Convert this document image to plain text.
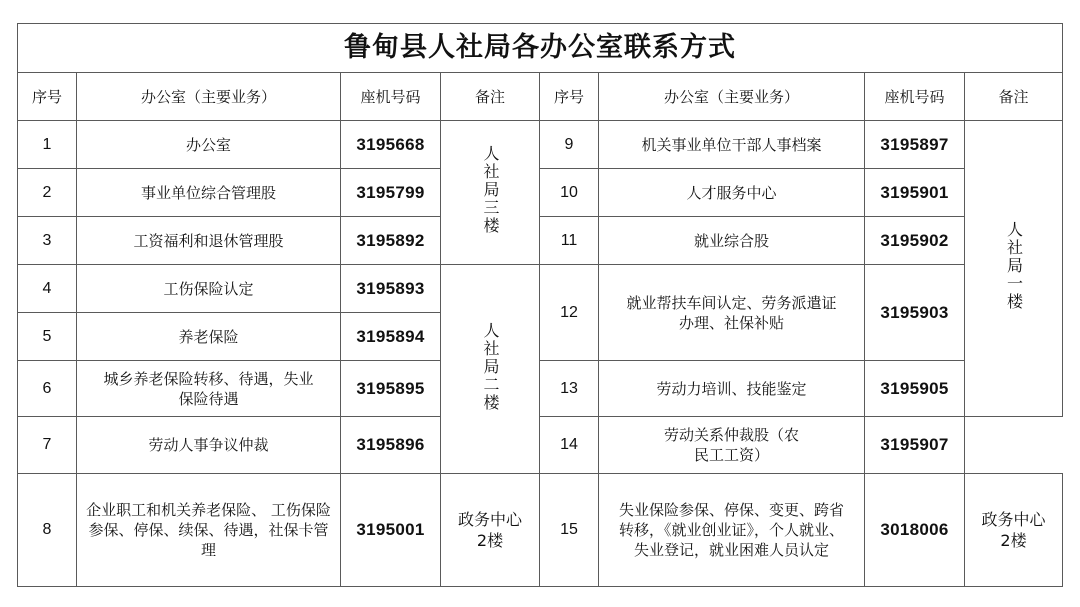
鲁甸县人社局各办公室联系方式							
序号	办公室（主要业务）	座机号码	备注	序号	办公室（主要业务）	座机号码	备注
1	办公室	3195668	人社局三楼	9	机关事业单位干部人事档案	3195897	人社局一楼
2	事业单位综合管理股	3195799		10	人才服务中心	3195901	
3	工资福利和退休管理股	3195892		11	就业综合股	3195902	
4	工伤保险认定	3195893	人社局二楼	12	就业帮扶车间认定、劳务派遣证办理、社保补贴	3195903	
5	养老保险	3195894					
6	城乡养老保险转移、待遇，失业保险待遇	3195895		13	劳动力培训、技能鉴定	3195905	
7	劳动人事争议仲裁	3195896		14	劳动关系仲裁股（农民工工资）	3195907	
8	企业职工和机关养老保险、 工伤保险参保、停保、续保、待遇，社保卡管理	3195001	政务中心2楼	15	失业保险参保、停保、变更、跨省转移，《就业创业证》，个人就业、失业登记，就业困难人员认定	3018006	政务中心2楼
